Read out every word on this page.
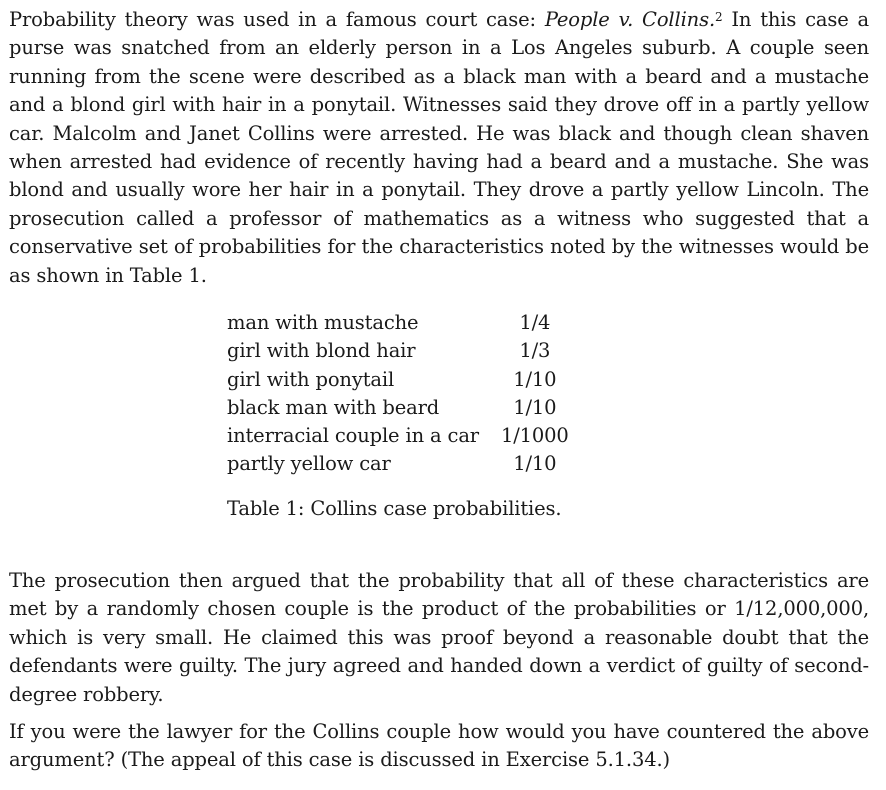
Probability theory was used in a famous court case: People v. Collins.$^2$ In this case a purse was snatched from an elderly person in a Los Angeles suburb. A couple seen running from the scene were described as a black man with a beard and a mustache and a blond girl with hair in a ponytail. Witnesses said they drove off in a partly yellow car. Malcolm and Janet Collins were arrested. He was black and though clean shaven when arrested had evidence of recently having had a beard and a mustache. She was blond and usually wore her hair in a ponytail. They drove a partly yellow Lincoln. The prosecution called a professor of mathematics as a witness who suggested that a conservative set of probabilities for the characteristics noted by the witnesses would be as shown in Table 1.

man with mustache	1/4
girl with blond hair	1/3
girl with ponytail	1/10
black man with beard	1/10
interracial couple in a car	1/1000
partly yellow car	1/10
Table 1: Collins case probabilities.

The prosecution then argued that the probability that all of these characteristics are met by a randomly chosen couple is the product of the probabilities or 1/12,000,000, which is very small. He claimed this was proof beyond a reasonable doubt that the defendants were guilty. The jury agreed and handed down a verdict of guilty of second-degree robbery.

If you were the lawyer for the Collins couple how would you have countered the above argument? (The appeal of this case is discussed in Exercise 5.1.34.)
